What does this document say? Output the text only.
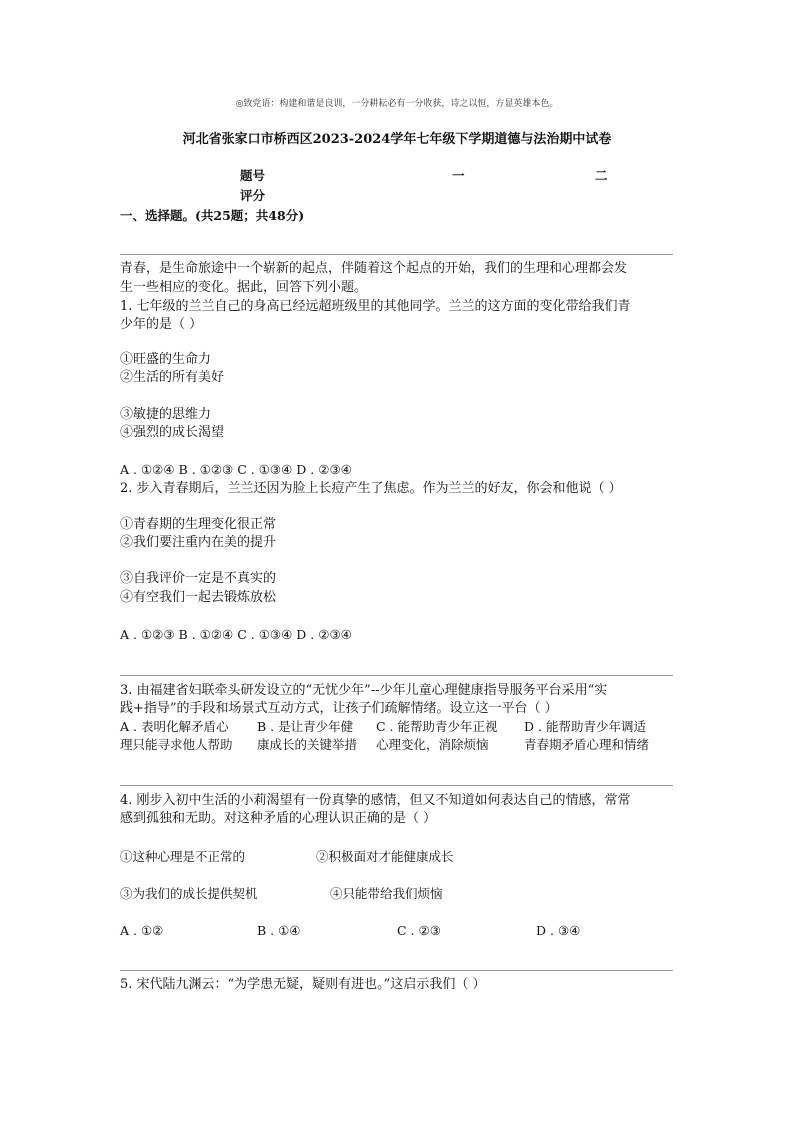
◎致党语：构建和谐是良训，一分耕耘必有一分收获，诗之以恒，方显英雄本色。
河北省张家口市桥西区2023-2024学年七年级下学期道德与法治期中试卷
题号	一	二
评分
一、选择题。(共25题；共48分)
青春，是生命旅途中一个崭新的起点，伴随着这个起点的开始，我们的生理和心理都会发
生一些相应的变化。据此，回答下列小题。
1. 七年级的兰兰自己的身高已经远超班级里的其他同学。兰兰的这方面的变化带给我们青
少年的是（ ）
①旺盛的生命力
②生活的所有美好
③敏捷的思维力
④强烈的成长渴望
A . ①②④ B . ①②③ C . ①③④ D . ②③④
2. 步入青春期后，兰兰还因为脸上长痘产生了焦虑。作为兰兰的好友，你会和他说（ ）
①青春期的生理变化很正常
②我们要注重内在美的提升
③自我评价一定是不真实的
④有空我们一起去锻炼放松
A . ①②③ B . ①②④ C . ①③④ D . ②③④
3. 由福建省妇联牵头研发设立的“无忧少年”--少年儿童心理健康指导服务平台采用“实
践+指导”的手段和场景式互动方式，让孩子们疏解情绪。设立这一平台（ ）
A . 表明化解矛盾心
理只能寻求他人帮助
B . 是让青少年健
康成长的关键举措
C . 能帮助青少年正视
心理变化，消除烦恼
D . 能帮助青少年调适
青春期矛盾心理和情绪
4. 刚步入初中生活的小莉渴望有一份真挚的感情，但又不知道如何表达自己的情感，常常
感到孤独和无助。对这种矛盾的心理认识正确的是（ ）
①这种心理是不正常的	②积极面对才能健康成长
③为我们的成长提供契机	④只能带给我们烦恼
A . ①②	B . ①④	C . ②③	D . ③④
5. 宋代陆九渊云：“为学患无疑，疑则有进也。”这启示我们（ ）
